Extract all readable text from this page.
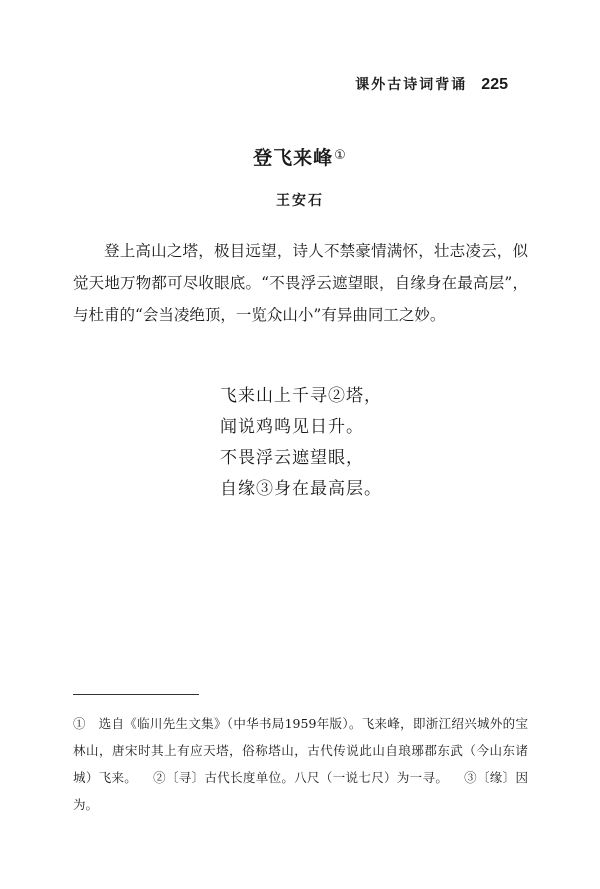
课外古诗词背诵 225
登飞来峰①
王安石

登上高山之塔，极目远望，诗人不禁豪情满怀，壮志凌云，似觉天地万物都可尽收眼底。“不畏浮云遮望眼，自缘身在最高层”，与杜甫的“会当凌绝顶，一览众山小”有异曲同工之妙。

飞来山上千寻②塔，
闻说鸡鸣见日升。
不畏浮云遮望眼，
自缘③身在最高层。

①　选自《临川先生文集》（中华书局1959年版）。飞来峰，即浙江绍兴城外的宝林山，唐宋时其上有应天塔，俗称塔山，古代传说此山自琅琊郡东武（今山东诸城）飞来。 ②〔寻〕古代长度单位。八尺（一说七尺）为一寻。 ③〔缘〕因为。
